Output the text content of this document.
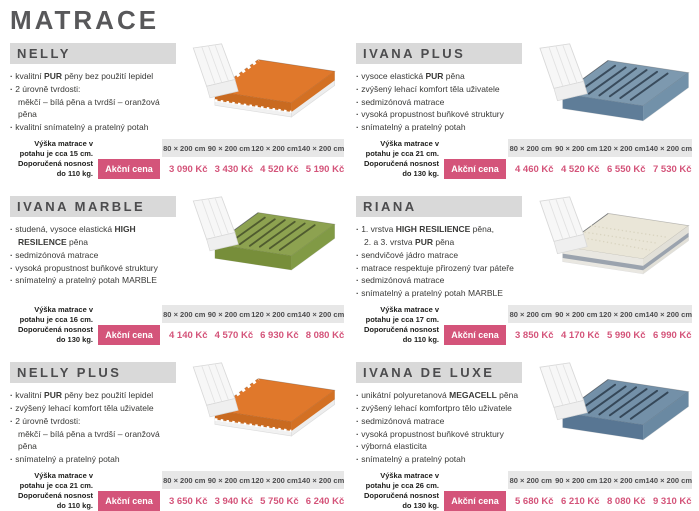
MATRACE
NELLY
· kvalitní PUR pěny bez použití lepidel
· 2 úrovně tvrdosti:
měkčí – bílá pěna a tvrdší – oranžová pěna
· kvalitní snímatelný a pratelný potah
Výška matrace v potahu je cca 15 cm. Doporučená nosnost do 110 kg.
80 × 200 cm 90 × 200 cm 120 × 200 cm 140 × 200 cm
Akční cena	3 090 Kč 3 430 Kč 4 520 Kč 5 190 Kč
IVANA PLUS
· vysoce elastická PUR pěna
· zvýšený lehací komfort těla uživatele
· sedmizónová matrace
· vysoká propustnost buňkové struktury
· snímatelný a pratelný potah
Výška matrace v potahu je cca 21 cm. Doporučená nosnost do 130 kg.
80 × 200 cm 90 × 200 cm 120 × 200 cm 140 × 200 cm
Akční cena	4 460 Kč 4 520 Kč 6 550 Kč 7 530 Kč
IVANA MARBLE
· studená, vysoce elastická HIGH RESILENCE pěna
· sedmizónová matrace
· vysoká propustnost buňkové struktury
· snímatelný a pratelný potah MARBLE
Výška matrace v potahu je cca 16 cm. Doporučená nosnost do 130 kg.
80 × 200 cm 90 × 200 cm 120 × 200 cm 140 × 200 cm
Akční cena	4 140 Kč 4 570 Kč 6 930 Kč 8 080 Kč
RIANA
· 1. vrstva HIGH RESILIENCE pěna,
2. a 3. vrstva PUR pěna
· sendvičové jádro matrace
· matrace respektuje přirozený tvar páteře
· sedmizónová matrace
· snímatelný a pratelný potah MARBLE
Výška matrace v potahu je cca 17 cm. Doporučená nosnost do 110 kg.
80 × 200 cm 90 × 200 cm 120 × 200 cm 140 × 200 cm
Akční cena	3 850 Kč 4 170 Kč 5 990 Kč 6 990 Kč
NELLY PLUS
· kvalitní PUR pěny bez použití lepidel
· zvýšený lehací komfort těla uživatele
· 2 úrovně tvrdosti:
měkčí – bílá pěna a tvrdší – oranžová pěna
· snímatelný a pratelný potah
Výška matrace v potahu je cca 21 cm. Doporučená nosnost do 110 kg.
80 × 200 cm 90 × 200 cm 120 × 200 cm 140 × 200 cm
Akční cena	3 650 Kč 3 940 Kč 5 750 Kč 6 240 Kč
IVANA DE LUXE
· unikátní polyuretanová MEGACELL pěna
· zvýšený lehací komfortpro tělo uživatele
· sedmizónová matrace
· vysoká propustnost buňkové struktury
· výborná elasticita
· snímatelný a pratelný potah
Výška matrace v potahu je cca 26 cm. Doporučená nosnost do 130 kg.
80 × 200 cm 90 × 200 cm 120 × 200 cm 140 × 200 cm
Akční cena	5 680 Kč 6 210 Kč 8 080 Kč 9 310 Kč
